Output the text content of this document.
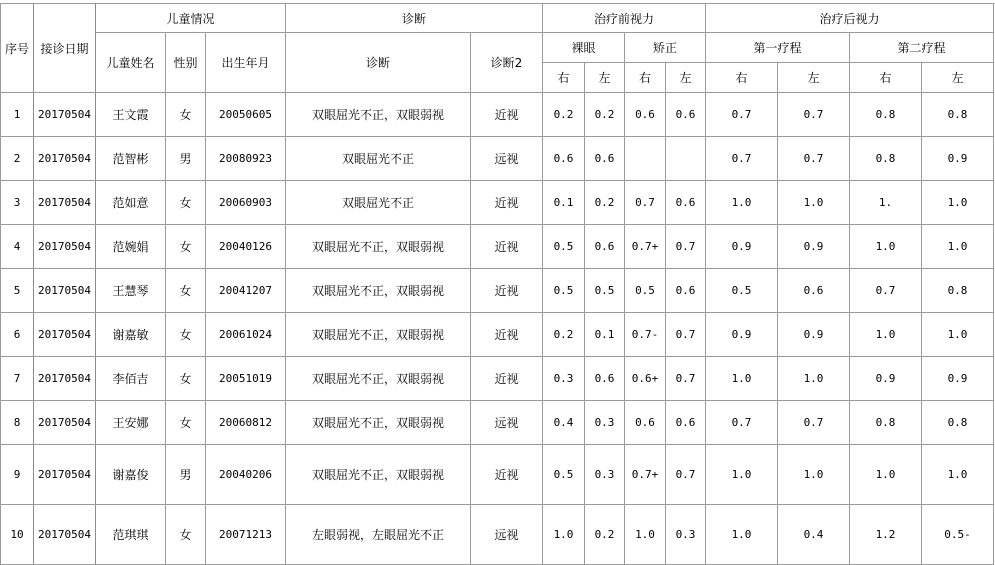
序号	接诊日期	儿童情况			诊断		治疗前视力				治疗后视力			
		儿童姓名	性别	出生年月	诊断	诊断2	裸眼		矫正		第一疗程		第二疗程	
							右	左	右	左	右	左	右	左
1	20170504	王文霞	女	20050605	双眼屈光不正，双眼弱视	近视	0.2	0.2	0.6	0.6	0.7	0.7	0.8	0.8
2	20170504	范智彬	男	20080923	双眼屈光不正	远视	0.6	0.6			0.7	0.7	0.8	0.9
3	20170504	范如意	女	20060903	双眼屈光不正	近视	0.1	0.2	0.7	0.6	1.0	1.0	1.	1.0
4	20170504	范婉娟	女	20040126	双眼屈光不正，双眼弱视	近视	0.5	0.6	0.7+	0.7	0.9	0.9	1.0	1.0
5	20170504	王慧琴	女	20041207	双眼屈光不正，双眼弱视	近视	0.5	0.5	0.5	0.6	0.5	0.6	0.7	0.8
6	20170504	谢嘉敏	女	20061024	双眼屈光不正，双眼弱视	近视	0.2	0.1	0.7-	0.7	0.9	0.9	1.0	1.0
7	20170504	李佰吉	女	20051019	双眼屈光不正，双眼弱视	近视	0.3	0.6	0.6+	0.7	1.0	1.0	0.9	0.9
8	20170504	王安娜	女	20060812	双眼屈光不正，双眼弱视	远视	0.4	0.3	0.6	0.6	0.7	0.7	0.8	0.8
9	20170504	谢嘉俊	男	20040206	双眼屈光不正，双眼弱视	近视	0.5	0.3	0.7+	0.7	1.0	1.0	1.0	1.0
10	20170504	范琪琪	女	20071213	左眼弱视，左眼屈光不正	远视	1.0	0.2	1.0	0.3	1.0	0.4	1.2	0.5-
